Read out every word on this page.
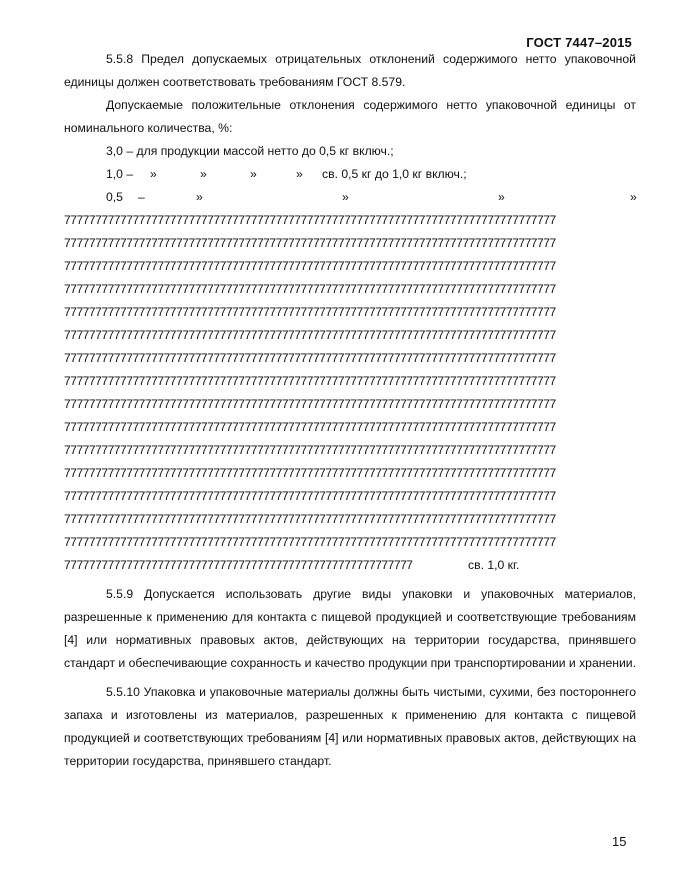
ГОСТ 7447–2015

5.5.8 Предел допускаемых отрицательных отклонений содержимого нетто упаковочной единицы должен соответствовать требованиям ГОСТ 8.579.

Допускаемые положительные отклонения содержимого нетто упаковочной единицы от номинального количества, %:

3,0 – для продукции массой нетто до 0,5 кг включ.;

1,0 – »	»	»	» св. 0,5 кг до 1,0 кг включ.;
0,5 –	»	»	»	»
7777777777777777777777777777777777777777777777777777777777777777777777777777777
7777777777777777777777777777777777777777777777777777777777777777777777777777777
7777777777777777777777777777777777777777777777777777777777777777777777777777777
7777777777777777777777777777777777777777777777777777777777777777777777777777777
7777777777777777777777777777777777777777777777777777777777777777777777777777777
7777777777777777777777777777777777777777777777777777777777777777777777777777777
7777777777777777777777777777777777777777777777777777777777777777777777777777777
7777777777777777777777777777777777777777777777777777777777777777777777777777777
7777777777777777777777777777777777777777777777777777777777777777777777777777777
7777777777777777777777777777777777777777777777777777777777777777777777777777777
7777777777777777777777777777777777777777777777777777777777777777777777777777777
7777777777777777777777777777777777777777777777777777777777777777777777777777777
7777777777777777777777777777777777777777777777777777777777777777777777777777777
7777777777777777777777777777777777777777777777777777777777777777777777777777777
7777777777777777777777777777777777777777777777777777777777777777777777777777777
77777777777777777777777777777777777777777777777777777777	св. 1,0 кг.

5.5.9 Допускается использовать другие виды упаковки и упаковочных материалов, разрешенные к применению для контакта с пищевой продукцией и соответствующие требованиям [4] или нормативных правовых актов, действующих на территории государства, принявшего стандарт и обеспечивающие сохранность и качество продукции при транспортировании и хранении.

5.5.10 Упаковка и упаковочные материалы должны быть чистыми, сухими, без постороннего запаха и изготовлены из материалов, разрешенных к применению для контакта с пищевой продукцией и соответствующих требованиям [4] или нормативных правовых актов, действующих на территории государства, принявшего стандарт.

15
